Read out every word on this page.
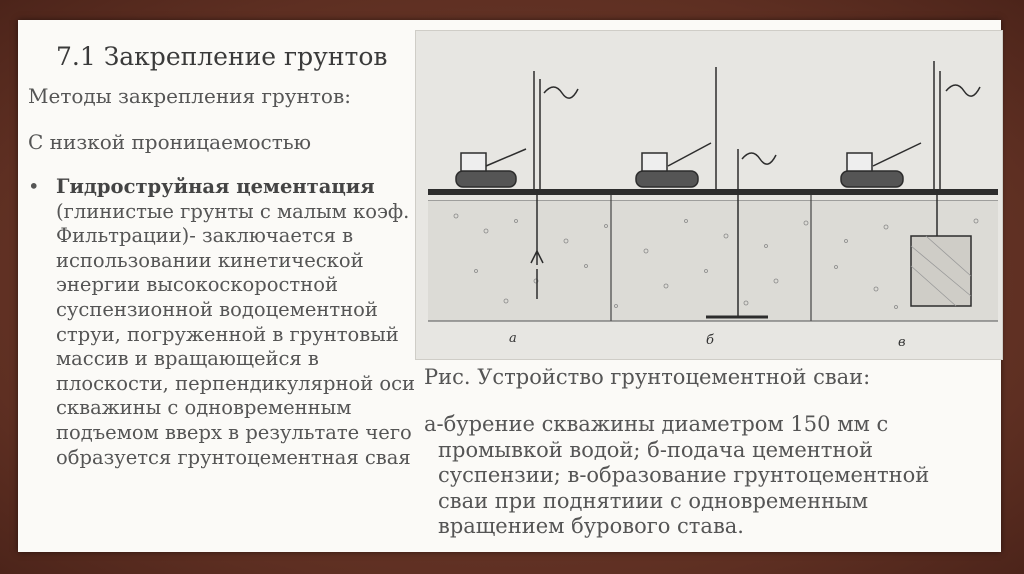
7.1 Закрепление грунтов
Методы закрепления грунтов:
С низкой проницаемостью
• Гидроструйная цементация
(глинистые грунты с малым коэф.
Фильтрации)- заключается в
использовании кинетической
энергии высокоскоростной
суспензионной водоцементной
струи, погруженной в грунтовый
массив и вращающейся в
плоскости, перпендикулярной оси
скважины с одновременным
подъемом вверх в результате чего
образуется грунтоцементная свая
а	б	в
Рис. Устройство грунтоцементной сваи:
а-бурение скважины диаметром 150 мм с
промывкой водой; б-подача цементной
суспензии; в-образование грунтоцементной
сваи при поднятиии с одновременным
вращением бурового става.
